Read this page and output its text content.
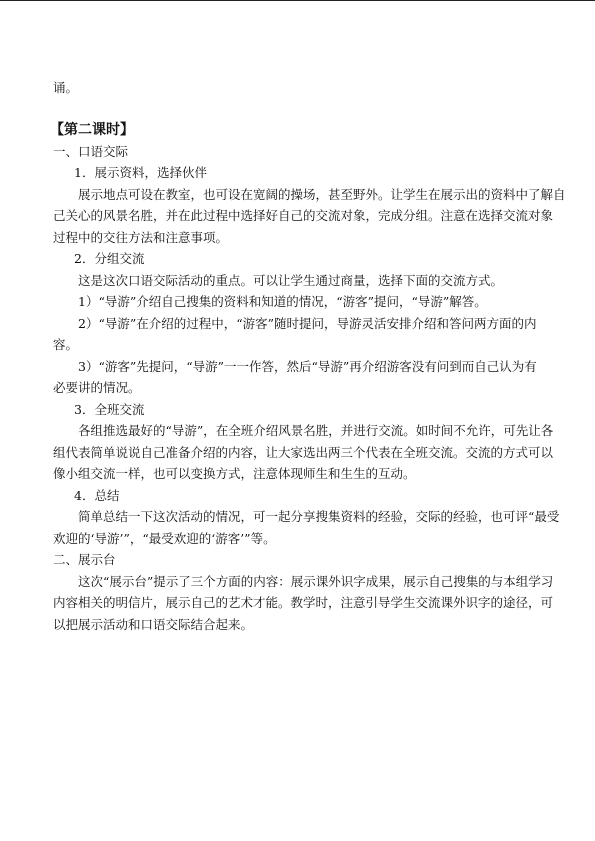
诵。
【第二课时】
一、口语交际
1．展示资料，选择伙伴
展示地点可设在教室，也可设在宽阔的操场，甚至野外。让学生在展示出的资料中了解自
己关心的风景名胜，并在此过程中选择好自己的交流对象，完成分组。注意在选择交流对象
过程中的交往方法和注意事项。
2．分组交流
这是这次口语交际活动的重点。可以让学生通过商量，选择下面的交流方式。
1）“导游”介绍自己搜集的资料和知道的情况，“游客”提问，“导游”解答。
2）“导游”在介绍的过程中，“游客”随时提问，导游灵活安排介绍和答问两方面的内
容。
3）“游客”先提问，“导游”一一作答，然后“导游”再介绍游客没有问到而自己认为有
必要讲的情况。
3．全班交流
各组推选最好的“导游”，在全班介绍风景名胜，并进行交流。如时间不允许，可先让各
组代表简单说说自己准备介绍的内容，让大家选出两三个代表在全班交流。交流的方式可以
像小组交流一样，也可以变换方式，注意体现师生和生生的互动。
4．总结
简单总结一下这次活动的情况，可一起分享搜集资料的经验，交际的经验，也可评“最受
欢迎的‘导游’”，“最受欢迎的‘游客’”等。
二、展示台
这次“展示台”提示了三个方面的内容：展示课外识字成果，展示自己搜集的与本组学习
内容相关的明信片，展示自己的艺术才能。教学时，注意引导学生交流课外识字的途径，可
以把展示活动和口语交际结合起来。
